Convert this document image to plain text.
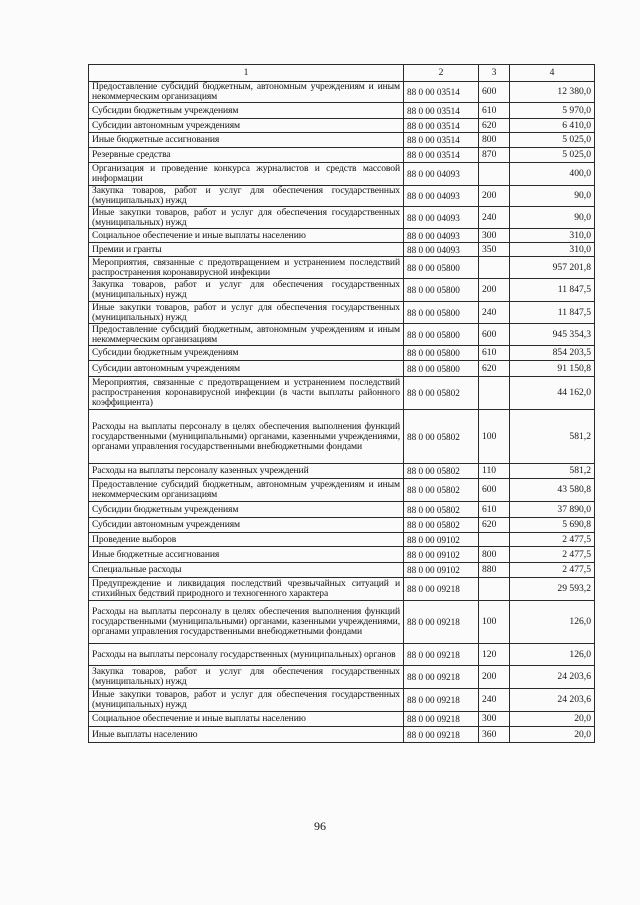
1	2	3	4
Предоставление субсидий бюджетным, автономным учреждениям и иным некоммерческим организациям	88 0 00 03514	600	12 380,0
Субсидии бюджетным учреждениям	88 0 00 03514	610	5 970,0
Субсидии автономным учреждениям	88 0 00 03514	620	6 410,0
Иные бюджетные ассигнования	88 0 00 03514	800	5 025,0
Резервные средства	88 0 00 03514	870	5 025,0
Организация и проведение конкурса журналистов и средств массовой информации	88 0 00 04093		400,0
Закупка товаров, работ и услуг для обеспечения государственных (муниципальных) нужд	88 0 00 04093	200	90,0
Иные закупки товаров, работ и услуг для обеспечения государственных (муниципальных) нужд	88 0 00 04093	240	90,0
Социальное обеспечение и иные выплаты населению	88 0 00 04093	300	310,0
Премии и гранты	88 0 00 04093	350	310,0
Мероприятия, связанные с предотвращением и устранением последствий распространения коронавирусной инфекции	88 0 00 05800		957 201,8
Закупка товаров, работ и услуг для обеспечения государственных (муниципальных) нужд	88 0 00 05800	200	11 847,5
Иные закупки товаров, работ и услуг для обеспечения государственных (муниципальных) нужд	88 0 00 05800	240	11 847,5
Предоставление субсидий бюджетным, автономным учреждениям и иным некоммерческим организациям	88 0 00 05800	600	945 354,3
Субсидии бюджетным учреждениям	88 0 00 05800	610	854 203,5
Субсидии автономным учреждениям	88 0 00 05800	620	91 150,8
Мероприятия, связанные с предотвращением и устранением последствий распространения коронавирусной инфекции (в части выплаты районного коэффициента)	88 0 00 05802		44 162,0
Расходы на выплаты персоналу в целях обеспечения выполнения функций государственными (муниципальными) органами, казенными учреждениями, органами управления государственными внебюджетными фондами	88 0 00 05802	100	581,2
Расходы на выплаты персоналу казенных учреждений	88 0 00 05802	110	581,2
Предоставление субсидий бюджетным, автономным учреждениям и иным некоммерческим организациям	88 0 00 05802	600	43 580,8
Субсидии бюджетным учреждениям	88 0 00 05802	610	37 890,0
Субсидии автономным учреждениям	88 0 00 05802	620	5 690,8
Проведение выборов	88 0 00 09102		2 477,5
Иные бюджетные ассигнования	88 0 00 09102	800	2 477,5
Специальные расходы	88 0 00 09102	880	2 477,5
Предупреждение и ликвидация последствий чрезвычайных ситуаций и стихийных бедствий природного и техногенного характера	88 0 00 09218		29 593,2
Расходы на выплаты персоналу в целях обеспечения выполнения функций государственными (муниципальными) органами, казенными учреждениями, органами управления государственными внебюджетными фондами	88 0 00 09218	100	126,0
Расходы на выплаты персоналу государственных (муниципальных) органов	88 0 00 09218	120	126,0
Закупка товаров, работ и услуг для обеспечения государственных (муниципальных) нужд	88 0 00 09218	200	24 203,6
Иные закупки товаров, работ и услуг для обеспечения государственных (муниципальных) нужд	88 0 00 09218	240	24 203,6
Социальное обеспечение и иные выплаты населению	88 0 00 09218	300	20,0
Иные выплаты населению	88 0 00 09218	360	20,0
96
